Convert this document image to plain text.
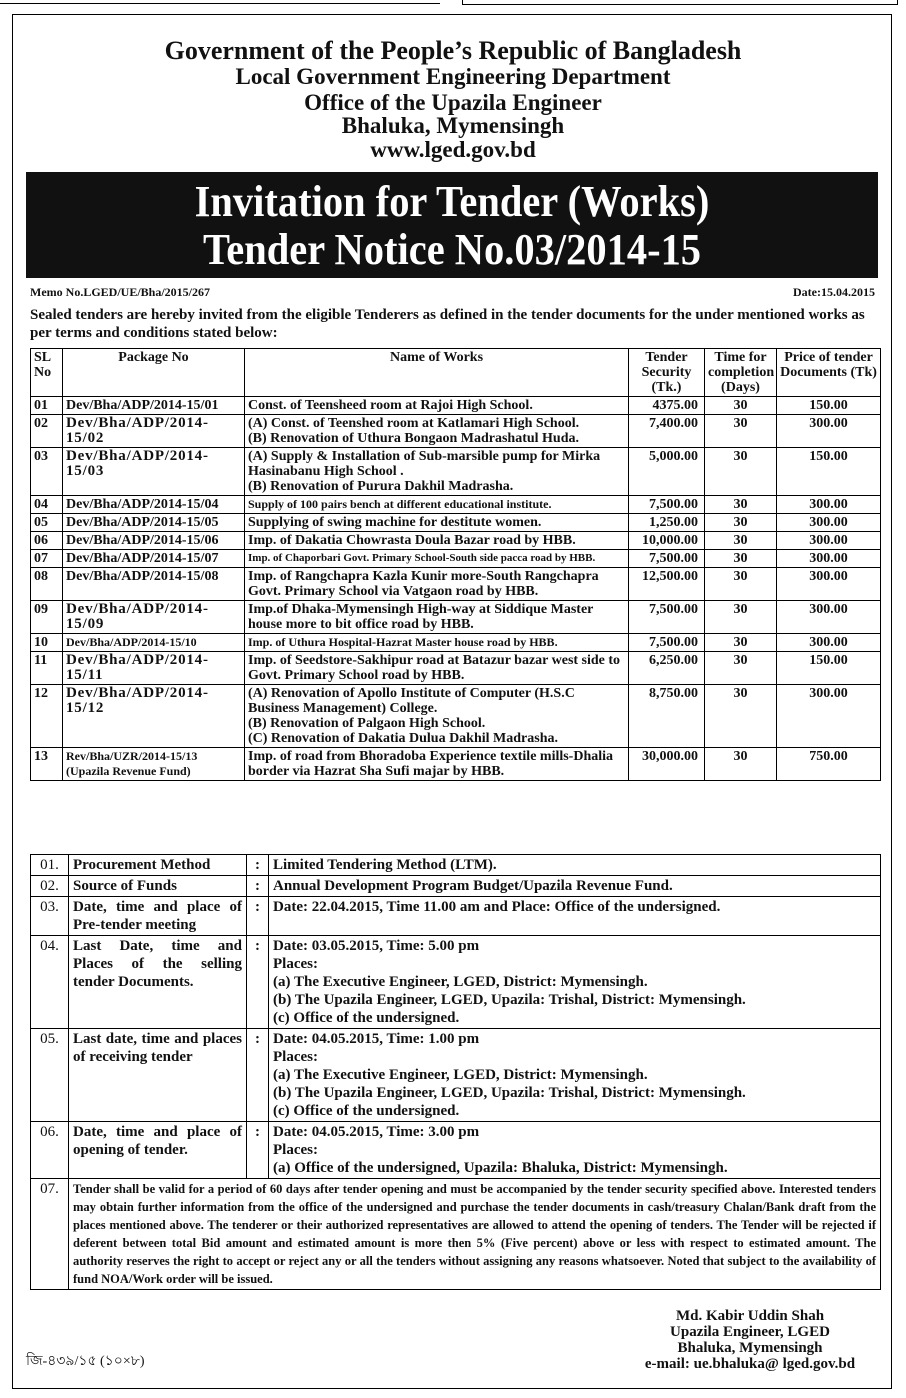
Government of the People’s Republic of Bangladesh
Local Government Engineering Department
Office of the Upazila Engineer
Bhaluka, Mymensingh
www.lged.gov.bd
Invitation for Tender (Works)
Tender Notice No.03/2014-15
Memo No.LGED/UE/Bha/2015/267	Date:15.04.2015
Sealed tenders are hereby invited from the eligible Tenderers as defined in the tender documents for the under mentioned works as per terms and conditions stated below:
SL No	Package No	Name of Works	Tender Security (Tk.)	Time for completion (Days)	Price of tender Documents (Tk)
01	Dev/Bha/ADP/2014-15/01	Const. of Teensheed room at Rajoi High School.	4375.00	30	150.00
02	Dev/Bha/ADP/2014-15/02	(A) Const. of Teenshed room at Katlamari High School.
(B) Renovation of Uthura Bongaon Madrashatul Huda.	7,400.00	30	300.00
03	Dev/Bha/ADP/2014-15/03	(A) Supply & Installation of Sub-marsible pump for Mirka Hasinabanu High School .
(B) Renovation of Purura Dakhil Madrasha.	5,000.00	30	150.00
04	Dev/Bha/ADP/2014-15/04	Supply of 100 pairs bench at different educational institute.	7,500.00	30	300.00
05	Dev/Bha/ADP/2014-15/05	Supplying of swing machine for destitute women.	1,250.00	30	300.00
06	Dev/Bha/ADP/2014-15/06	Imp. of Dakatia Chowrasta Doula Bazar road by HBB.	10,000.00	30	300.00
07	Dev/Bha/ADP/2014-15/07	Imp. of Chaporbari Govt. Primary School-South side pacca road by HBB.	7,500.00	30	300.00
08	Dev/Bha/ADP/2014-15/08	Imp. of Rangchapra Kazla Kunir more-South Rangchapra Govt. Primary School via Vatgaon road by HBB.	12,500.00	30	300.00
09	Dev/Bha/ADP/2014-15/09	Imp.of Dhaka-Mymensingh High-way at Siddique Master house more to bit office road by HBB.	7,500.00	30	300.00
10	Dev/Bha/ADP/2014-15/10	Imp. of Uthura Hospital-Hazrat Master house road by HBB.	7,500.00	30	300.00
11	Dev/Bha/ADP/2014-15/11	Imp. of Seedstore-Sakhipur road at Batazur bazar west side to Govt. Primary School road by HBB.	6,250.00	30	150.00
12	Dev/Bha/ADP/2014-15/12	(A) Renovation of Apollo Institute of Computer (H.S.C Business Management) College.
(B) Renovation of Palgaon High School.
(C) Renovation of Dakatia Dulua Dakhil Madrasha.	8,750.00	30	300.00
13	Rev/Bha/UZR/2014-15/13 (Upazila Revenue Fund)	Imp. of road from Bhoradoba Experience textile mills-Dhalia border via Hazrat Sha Sufi majar by HBB.	30,000.00	30	750.00
01.	Procurement Method	:	Limited Tendering Method (LTM).

02.	Source of Funds	:	Annual Development Program Budget/Upazila Revenue Fund.

03.	Date, time and place of Pre-tender meeting	:	Date: 22.04.2015, Time 11.00 am and Place: Office of the undersigned.

04.	Last Date, time and Places of the selling tender Documents.	:	Date: 03.05.2015, Time: 5.00 pm
Places:
(a) The Executive Engineer, LGED, District: Mymensingh.
(b) The Upazila Engineer, LGED, Upazila: Trishal, District: Mymensingh.
(c) Office of the undersigned.

05.	Last date, time and places of receiving tender	:	Date: 04.05.2015, Time: 1.00 pm
Places:
(a) The Executive Engineer, LGED, District: Mymensingh.
(b) The Upazila Engineer, LGED, Upazila: Trishal, District: Mymensingh.
(c) Office of the undersigned.

06.	Date, time and place of opening of tender.	:	Date: 04.05.2015, Time: 3.00 pm
Places:
(a) Office of the undersigned, Upazila: Bhaluka, District: Mymensingh.

07.	Tender shall be valid for a period of 60 days after tender opening and must be accompanied by the tender security specified above. Interested tenders may obtain further information from the office of the undersigned and purchase the tender documents in cash/treasury Chalan/Bank draft from the places mentioned above. The tenderer or their authorized representatives are allowed to attend the opening of tenders. The Tender will be rejected if deferent between total Bid amount and estimated amount is more then 5% (Five percent) above or less with respect to estimated amount. The authority reserves the right to accept or reject any or all the tenders without assigning any reasons whatsoever. Noted that subject to the availability of fund NOA/Work order will be issued.		
Md. Kabir Uddin Shah
Upazila Engineer, LGED
Bhaluka, Mymensingh
e-mail: ue.bhaluka@ lged.gov.bd
জি-৪৩৯/১৫ (১০×৮)
